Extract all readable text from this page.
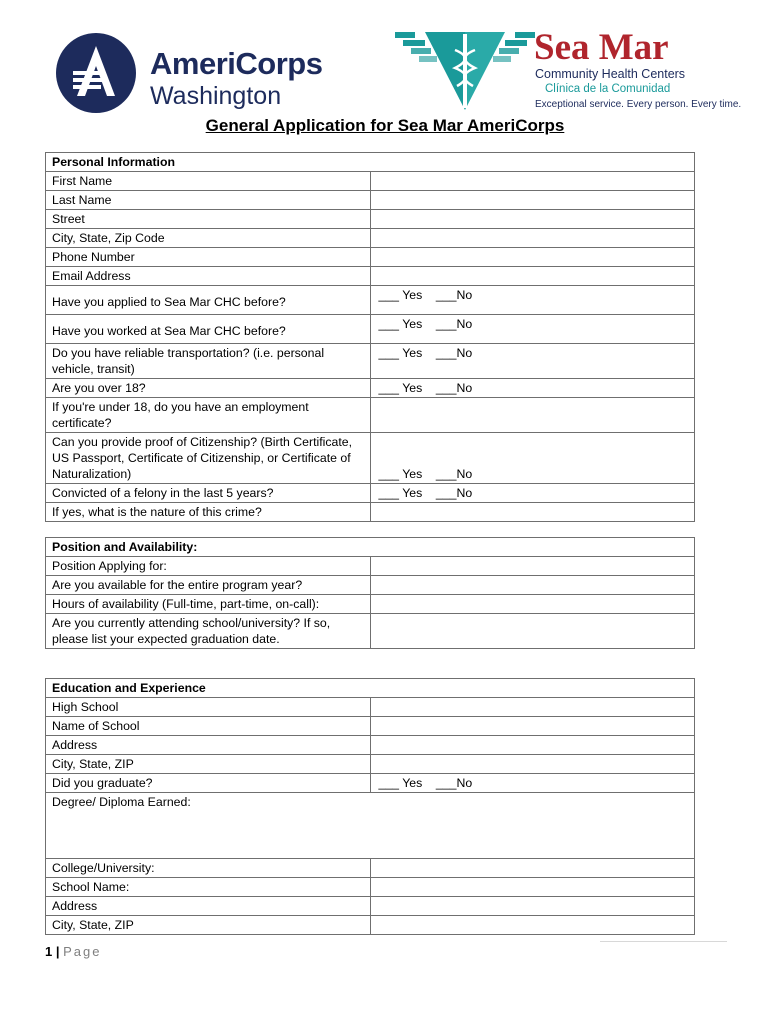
AmeriCorps
Washington
Sea Mar
Community Health Centers
Clínica de la Comunidad
Exceptional service. Every person. Every time.
General Application for Sea Mar AmeriCorps
Personal Information	
First Name	
Last Name	
Street	
City, State, Zip Code	
Phone Number	
Email Address	
Have you applied to Sea Mar CHC before?	___ Yes    ___No
Have you worked at Sea Mar CHC before?	___ Yes    ___No
Do you have reliable transportation? (i.e. personal vehicle, transit)	___ Yes    ___No
Are you over 18?	___ Yes    ___No
If you're under 18, do you have an employment certificate?	
Can you provide proof of Citizenship? (Birth Certificate, US Passport, Certificate of Citizenship, or Certificate of Naturalization)	___ Yes    ___No
Convicted of a felony in the last 5 years?	___ Yes    ___No
If yes, what is the nature of this crime?	
Position and Availability:	
Position Applying for:	
Are you available for the entire program year?	
Hours of availability (Full-time, part-time, on-call):	
Are you currently attending school/university? If so, please list your expected graduation date.	
Education and Experience	
High School	
Name of School	
Address	
City, State, ZIP	
Did you graduate?	___ Yes    ___No
Degree/ Diploma Earned:	
College/University:	
School Name:	
Address	
City, State, ZIP	
1 | Page
